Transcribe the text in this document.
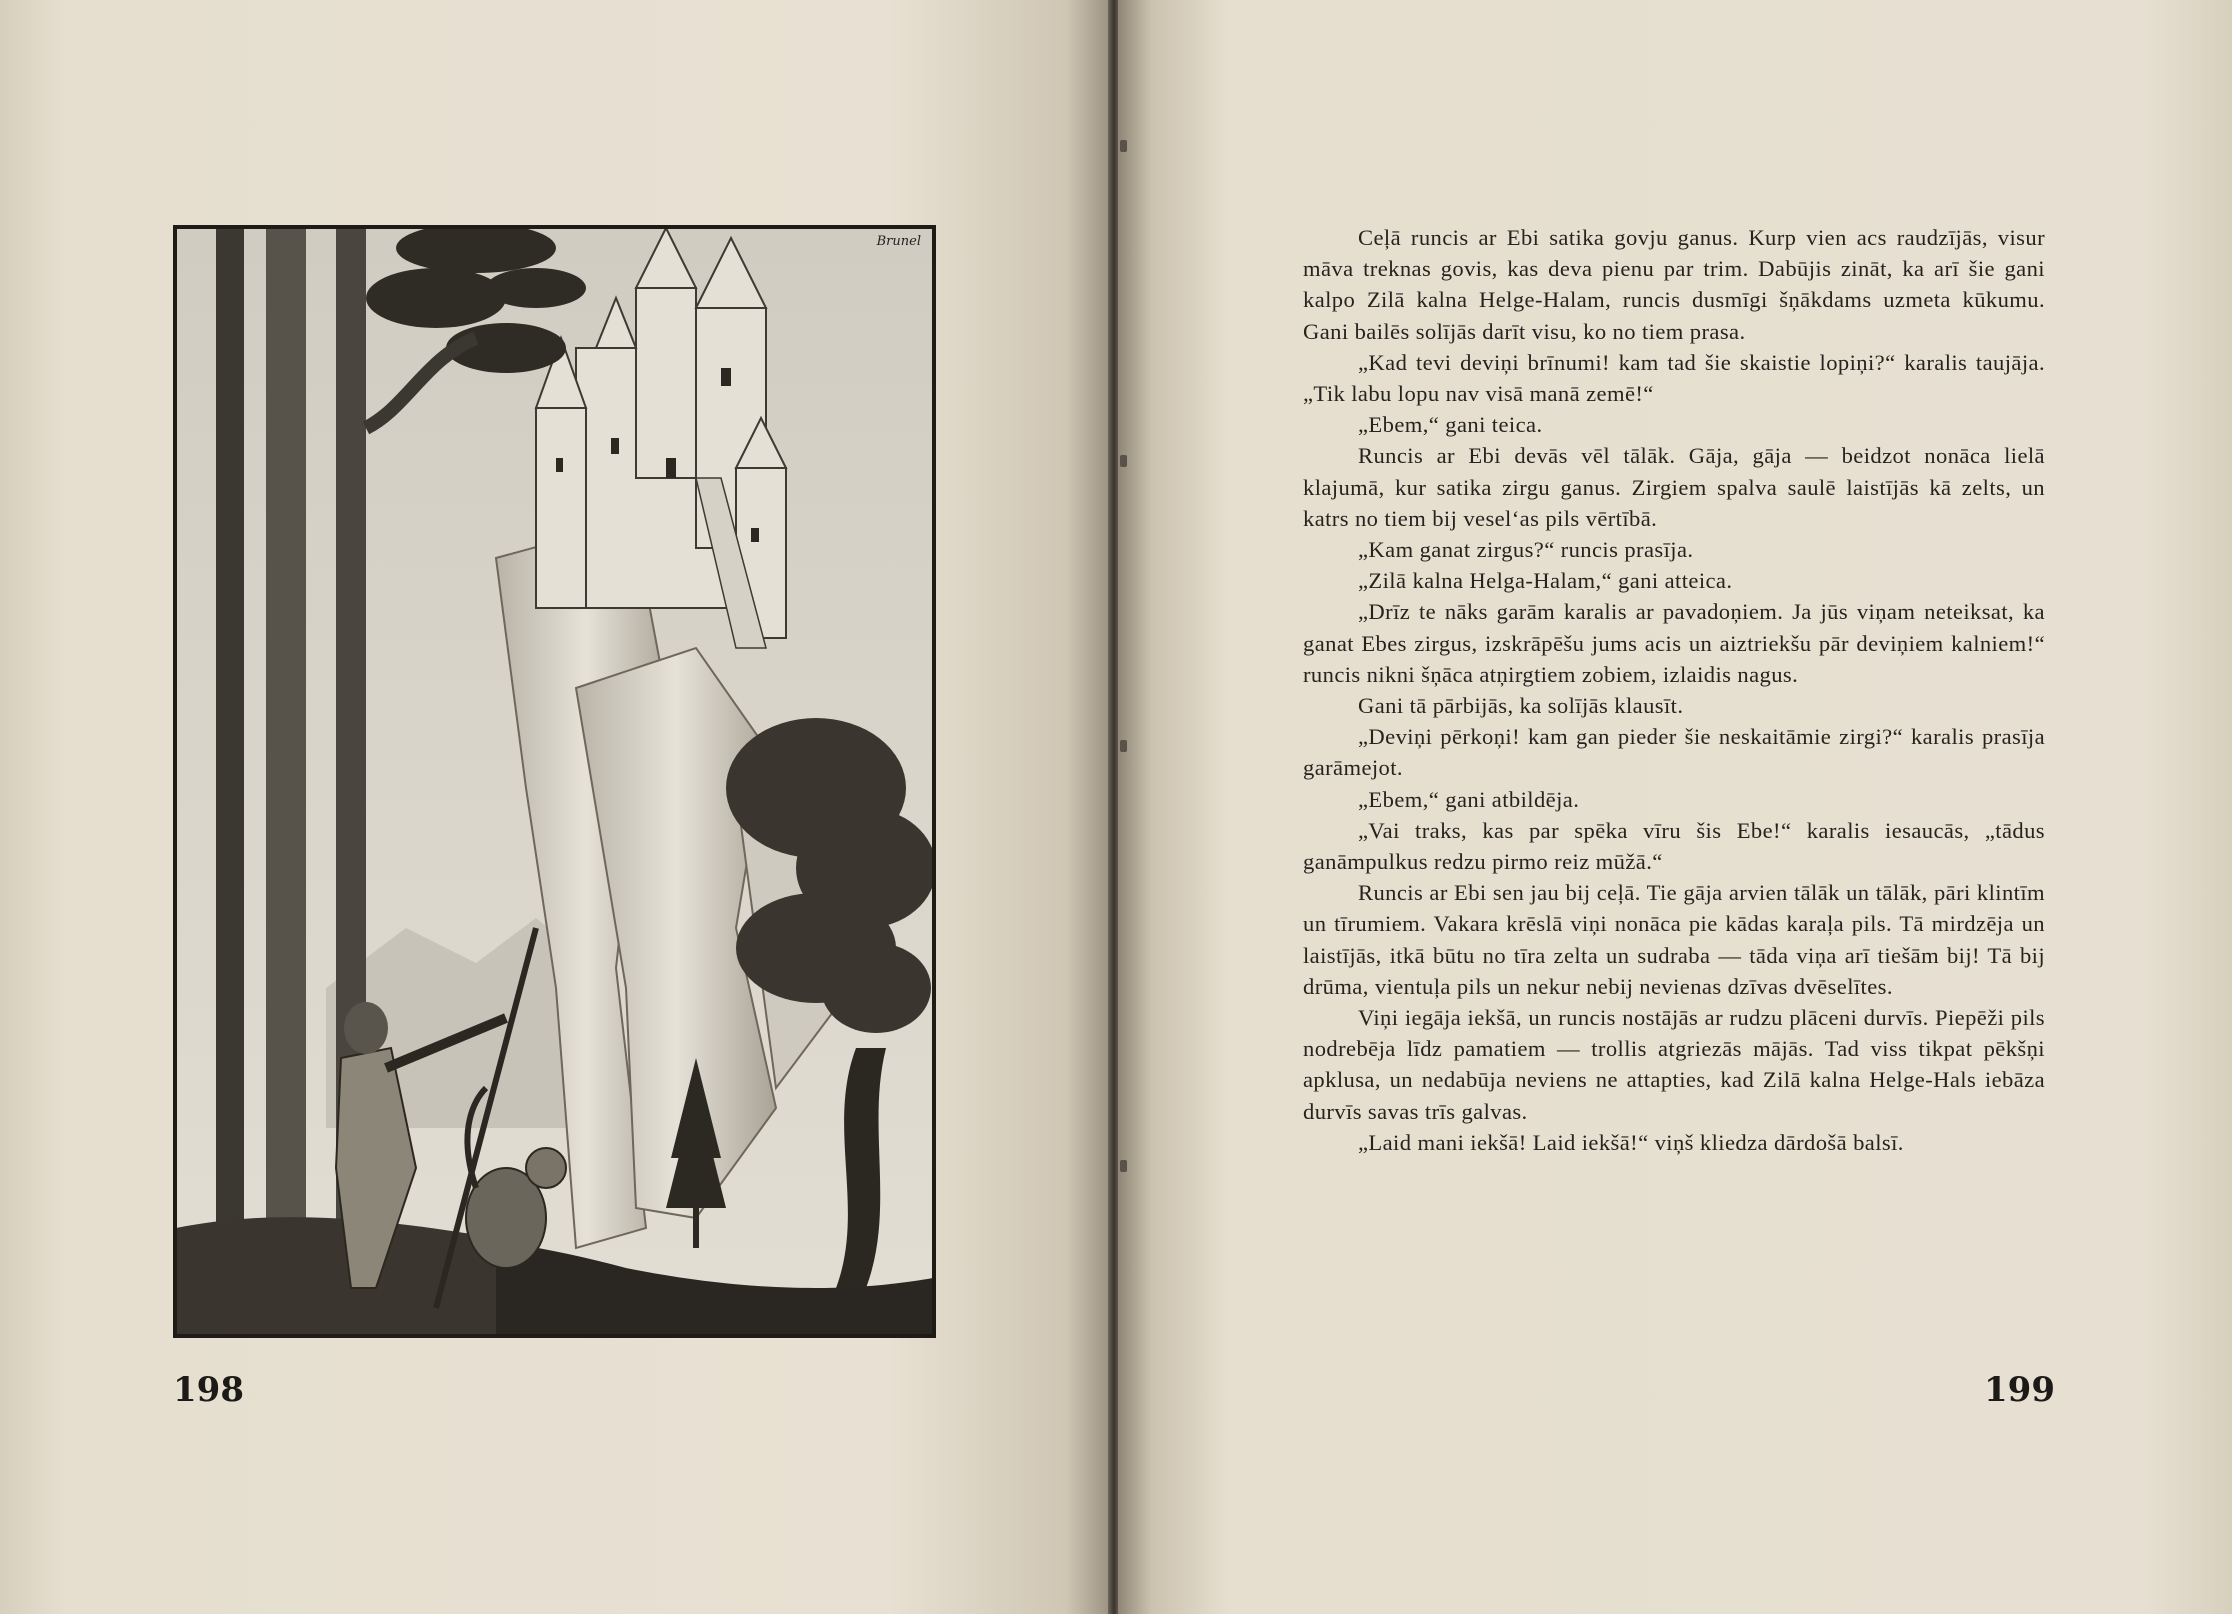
Brunel
198

Ceļā runcis ar Ebi satika govju ganus. Kurp vien acs raudzījās, visur māva treknas govis, kas deva pienu par trim. Dabūjis zināt, ka arī šie gani kalpo Zilā kalna Helge-Halam, runcis dusmīgi šņākdams uzmeta kūkumu. Gani bailēs solījās darīt visu, ko no tiem prasa.

„Kad tevi deviņi brīnumi! kam tad šie skaistie lopiņi?“ karalis taujāja. „Tik labu lopu nav visā manā zemē!“

„Ebem,“ gani teica.

Runcis ar Ebi devās vēl tālāk. Gāja, gāja — beidzot nonāca lielā klajumā, kur satika zirgu ganus. Zirgiem spalva saulē laistījās kā zelts, un katrs no tiem bij vesel‘as pils vērtībā.

„Kam ganat zirgus?“ runcis prasīja.

„Zilā kalna Helga-Halam,“ gani atteica.

„Drīz te nāks garām karalis ar pavadoņiem. Ja jūs viņam neteiksat, ka ganat Ebes zirgus, izskrāpēšu jums acis un aiztriekšu pār deviņiem kalniem!“ runcis nikni šņāca atņirgtiem zobiem, izlaidis nagus.

Gani tā pārbijās, ka solījās klausīt.

„Deviņi pērkoņi! kam gan pieder šie neskaitāmie zirgi?“ karalis prasīja garāmejot.

„Ebem,“ gani atbildēja.

„Vai traks, kas par spēka vīru šis Ebe!“ karalis iesaucās, „tādus ganāmpulkus redzu pirmo reiz mūžā.“

Runcis ar Ebi sen jau bij ceļā. Tie gāja arvien tālāk un tālāk, pāri klintīm un tīrumiem. Vakara krēslā viņi nonāca pie kādas karaļa pils. Tā mirdzēja un laistījās, itkā būtu no tīra zelta un sudraba — tāda viņa arī tiešām bij! Tā bij drūma, vientuļa pils un nekur nebij nevienas dzīvas dvēselītes.

Viņi iegāja iekšā, un runcis nostājās ar rudzu plāceni durvīs. Piepēži pils nodrebēja līdz pamatiem — trollis atgriezās mājās. Tad viss tikpat pēkšņi apklusa, un nedabūja neviens ne attapties, kad Zilā kalna Helge-Hals iebāza durvīs savas trīs galvas.

„Laid mani iekšā! Laid iekšā!“ viņš kliedza dārdošā balsī.

199
